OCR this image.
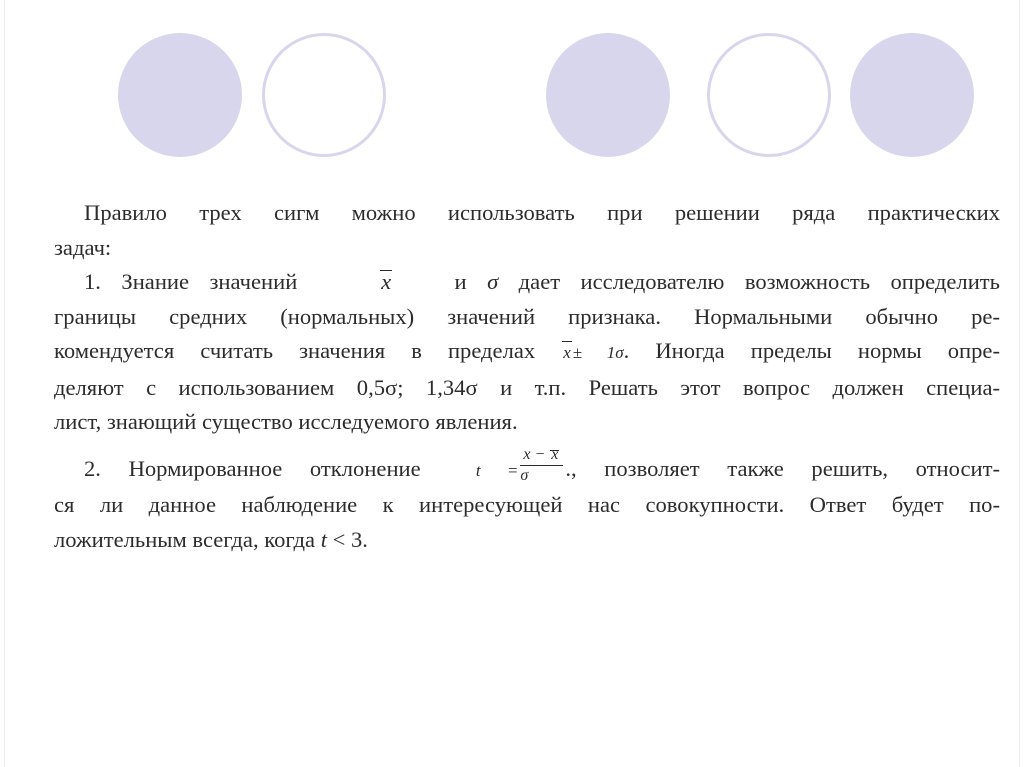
Правило трех сигм можно использовать при решении ряда практических
задач:
1. Знание значений	x	и σ дает исследователю возможность определить
границы средних (нормальных) значений признака. Нормальными обычно ре-
комендуется считать значения в пределах x ± 1σ. Иногда пределы нормы опре-
деляют с использованием 0,5σ; 1,34σ и т.п. Решать этот вопрос должен специа-
лист, знающий существо исследуемого явления.
2. Нормированное отклонение	$t = \frac{x - x}{\sigma}$ ., позволяет также решить, относит-
ся ли данное наблюдение к интересующей нас совокупности. Ответ будет по-
ложительным всегда, когда t < 3.
